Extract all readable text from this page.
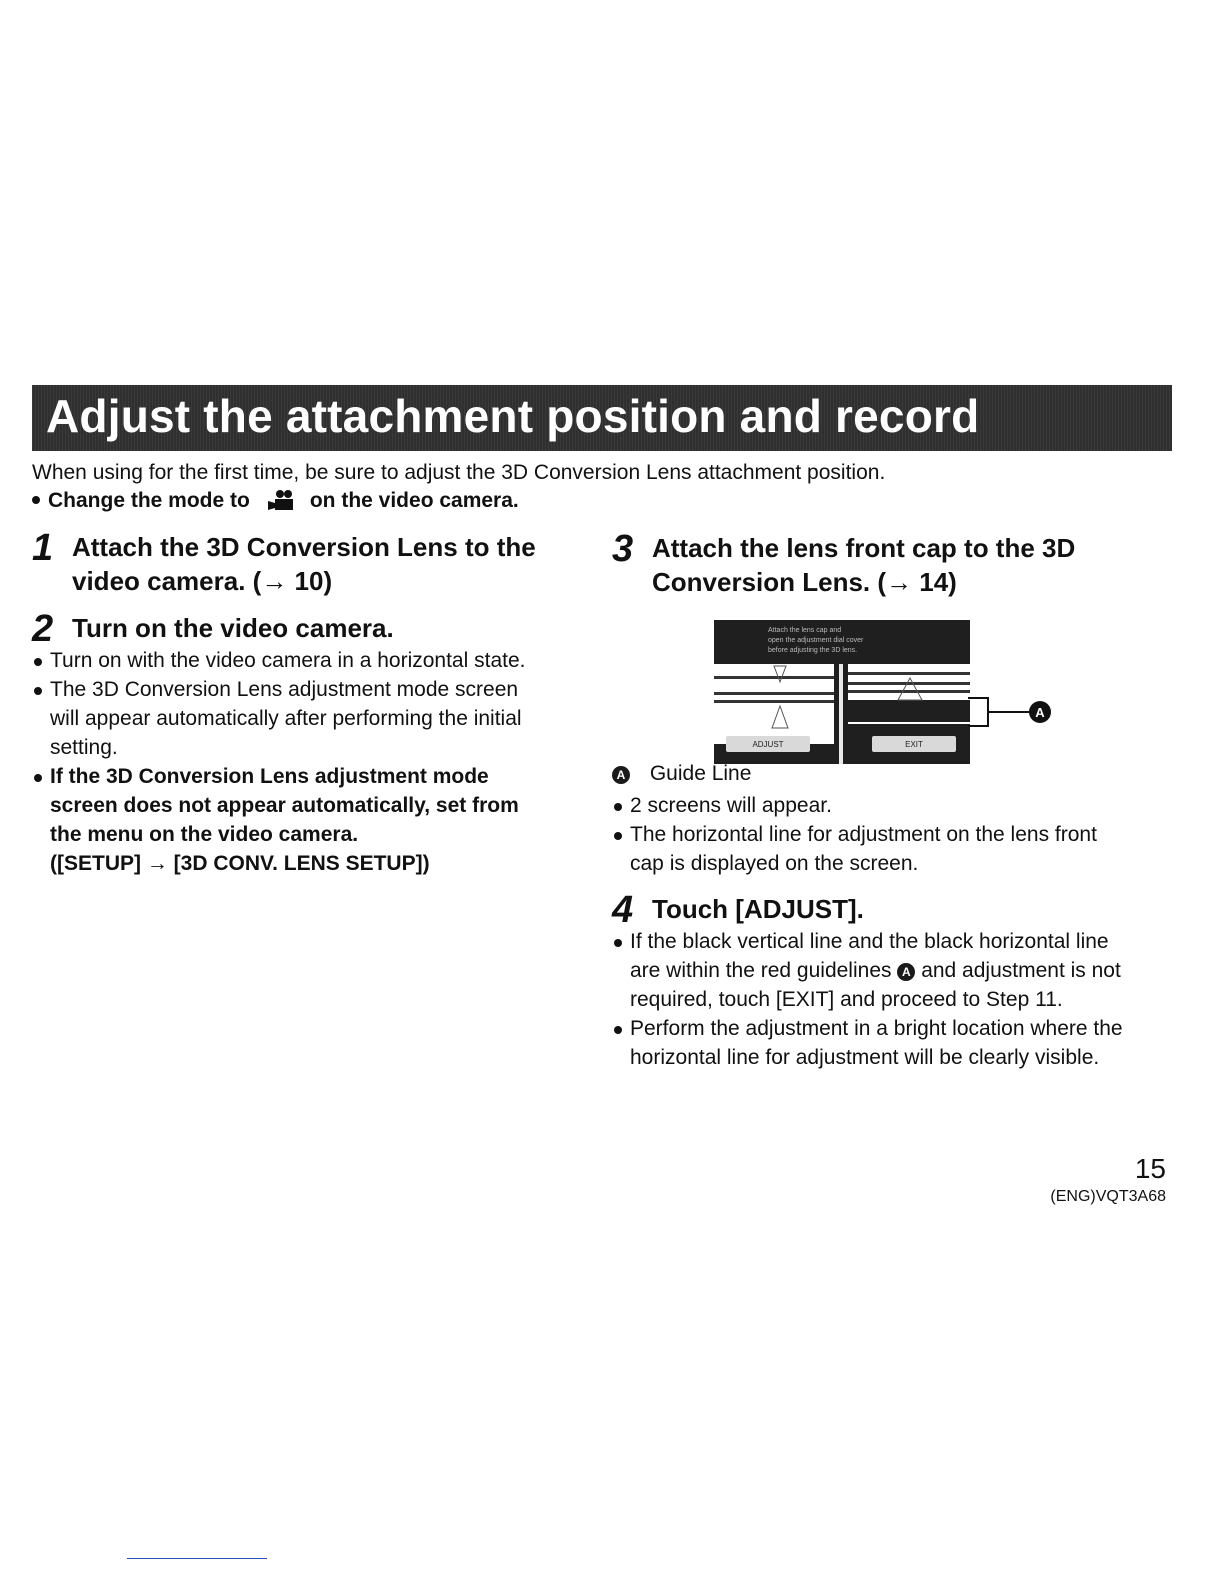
Adjust the attachment position and record
When using for the first time, be sure to adjust the 3D Conversion Lens attachment position.
Change the mode to	on the video camera.
1 Attach the 3D Conversion Lens to the
video camera. (→ 10)
2 Turn on the video camera.
Turn on with the video camera in a horizontal state.
The 3D Conversion Lens adjustment mode screen
will appear automatically after performing the initial
setting.
If the 3D Conversion Lens adjustment mode
screen does not appear automatically, set from
the menu on the video camera.
([SETUP] → [3D CONV. LENS SETUP])
3 Attach the lens front cap to the 3D
Conversion Lens. (→ 14)
Attach the lens cap and
open the adjustment dial cover
before adjusting the 3D lens.
ADJUST	EXIT
A
A Guide Line
2 screens will appear.
The horizontal line for adjustment on the lens front
cap is displayed on the screen.
4 Touch [ADJUST].
If the black vertical line and the black horizontal line
are within the red guidelines A and adjustment is not
required, touch [EXIT] and proceed to Step 11.
Perform the adjustment in a bright location where the
horizontal line for adjustment will be clearly visible.
15
(ENG)VQT3A68
